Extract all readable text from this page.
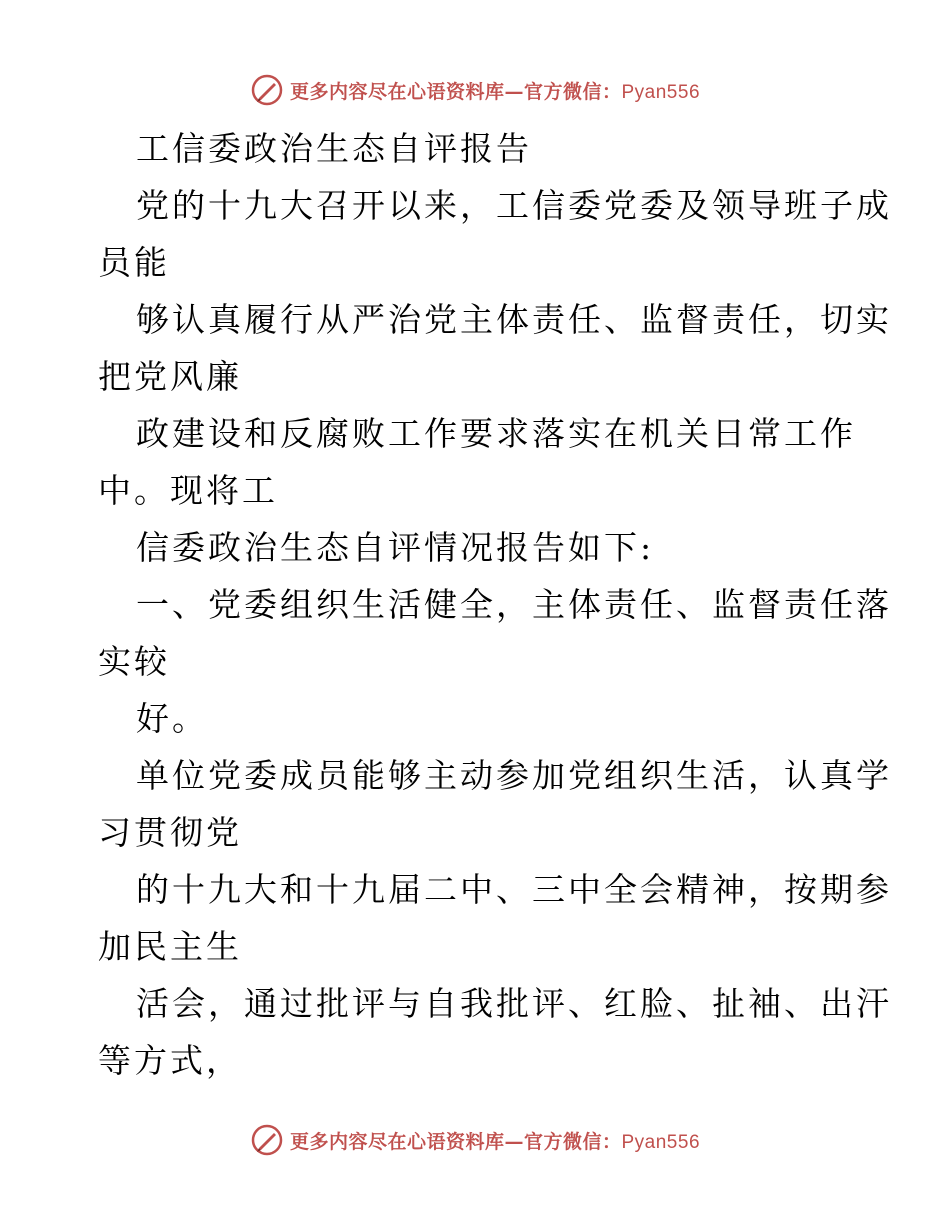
更多内容尽在心语资料库—官方微信：Pyan556
工信委政治生态自评报告
党的十九大召开以来，工信委党委及领导班子成
员能
够认真履行从严治党主体责任、监督责任，切实
把党风廉
政建设和反腐败工作要求落实在机关日常工作
中。现将工
信委政治生态自评情况报告如下:
一、党委组织生活健全，主体责任、监督责任落
实较
好。
单位党委成员能够主动参加党组织生活，认真学
习贯彻党
的十九大和十九届二中、三中全会精神，按期参
加民主生
活会，通过批评与自我批评、红脸、扯袖、出汗
等方式，
更多内容尽在心语资料库—官方微信：Pyan556
